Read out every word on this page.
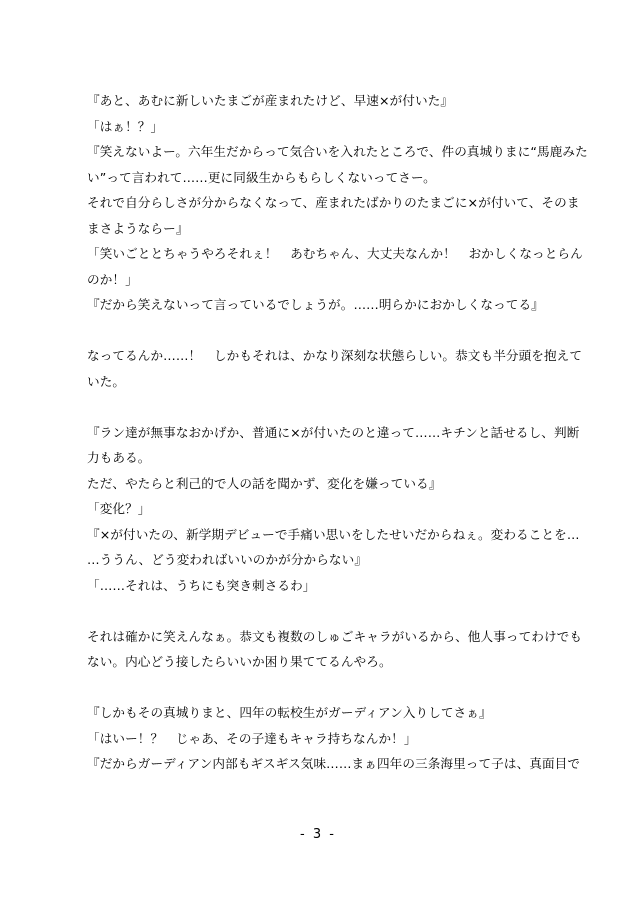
『あと、あむに新しいたまごが産まれたけど、早速×が付いた』
「はぁ！？」
『笑えないよー。六年生だからって気合いを入れたところで、件の真城りまに“馬鹿みた
い”って言われて……更に同級生からもらしくないってさー。
それで自分らしさが分からなくなって、産まれたばかりのたまごに×が付いて、そのま
まさようならー』
「笑いごととちゃうやろそれぇ！　あむちゃん、大丈夫なんか！　おかしくなっとらん
のか！」
『だから笑えないって言っているでしょうが。……明らかにおかしくなってる』
なってるんか……！　しかもそれは、かなり深刻な状態らしい。恭文も半分頭を抱えて
いた。
『ラン達が無事なおかげか、普通に×が付いたのと違って……キチンと話せるし、判断
力もある。
ただ、やたらと利己的で人の話を聞かず、変化を嫌っている』
「変化？」
『×が付いたの、新学期デビューで手痛い思いをしたせいだからねぇ。変わることを…
…ううん、どう変わればいいのかが分からない』
「……それは、うちにも突き刺さるわ」
それは確かに笑えんなぁ。恭文も複数のしゅごキャラがいるから、他人事ってわけでも
ない。内心どう接したらいいか困り果ててるんやろ。
『しかもその真城りまと、四年の転校生がガーディアン入りしてさぁ』
「はいー！？　じゃあ、その子達もキャラ持ちなんか！」
『だからガーディアン内部もギスギス気味……まぁ四年の三条海里って子は、真面目で
- 3 -
